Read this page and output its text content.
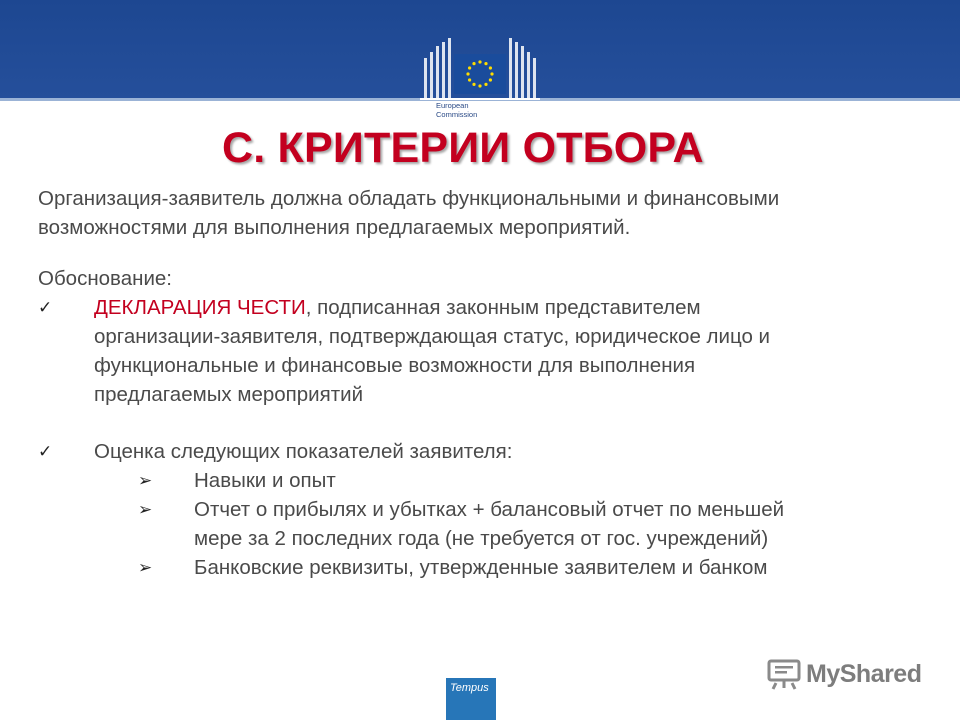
European
Commission
С. КРИТЕРИИ ОТБОРА

Организация-заявитель должна обладать функциональными и финансовыми
возможностями для выполнения предлагаемых мероприятий.

Обоснование:

✓ ДЕКЛАРАЦИЯ ЧЕСТИ, подписанная законным представителем
организации-заявителя, подтверждающая статус, юридическое лицо и
функциональные и финансовые возможности для выполнения
предлагаемых мероприятий
✓ Оценка следующих показателей заявителя:
➢ Навыки и опыт
➢ Отчет о прибылях и убытках + балансовый отчет по меньшей
мере за 2 последних года (не требуется от гос. учреждений)
➢ Банковские реквизиты, утвержденные заявителем и банком
Tempus
MyShared
